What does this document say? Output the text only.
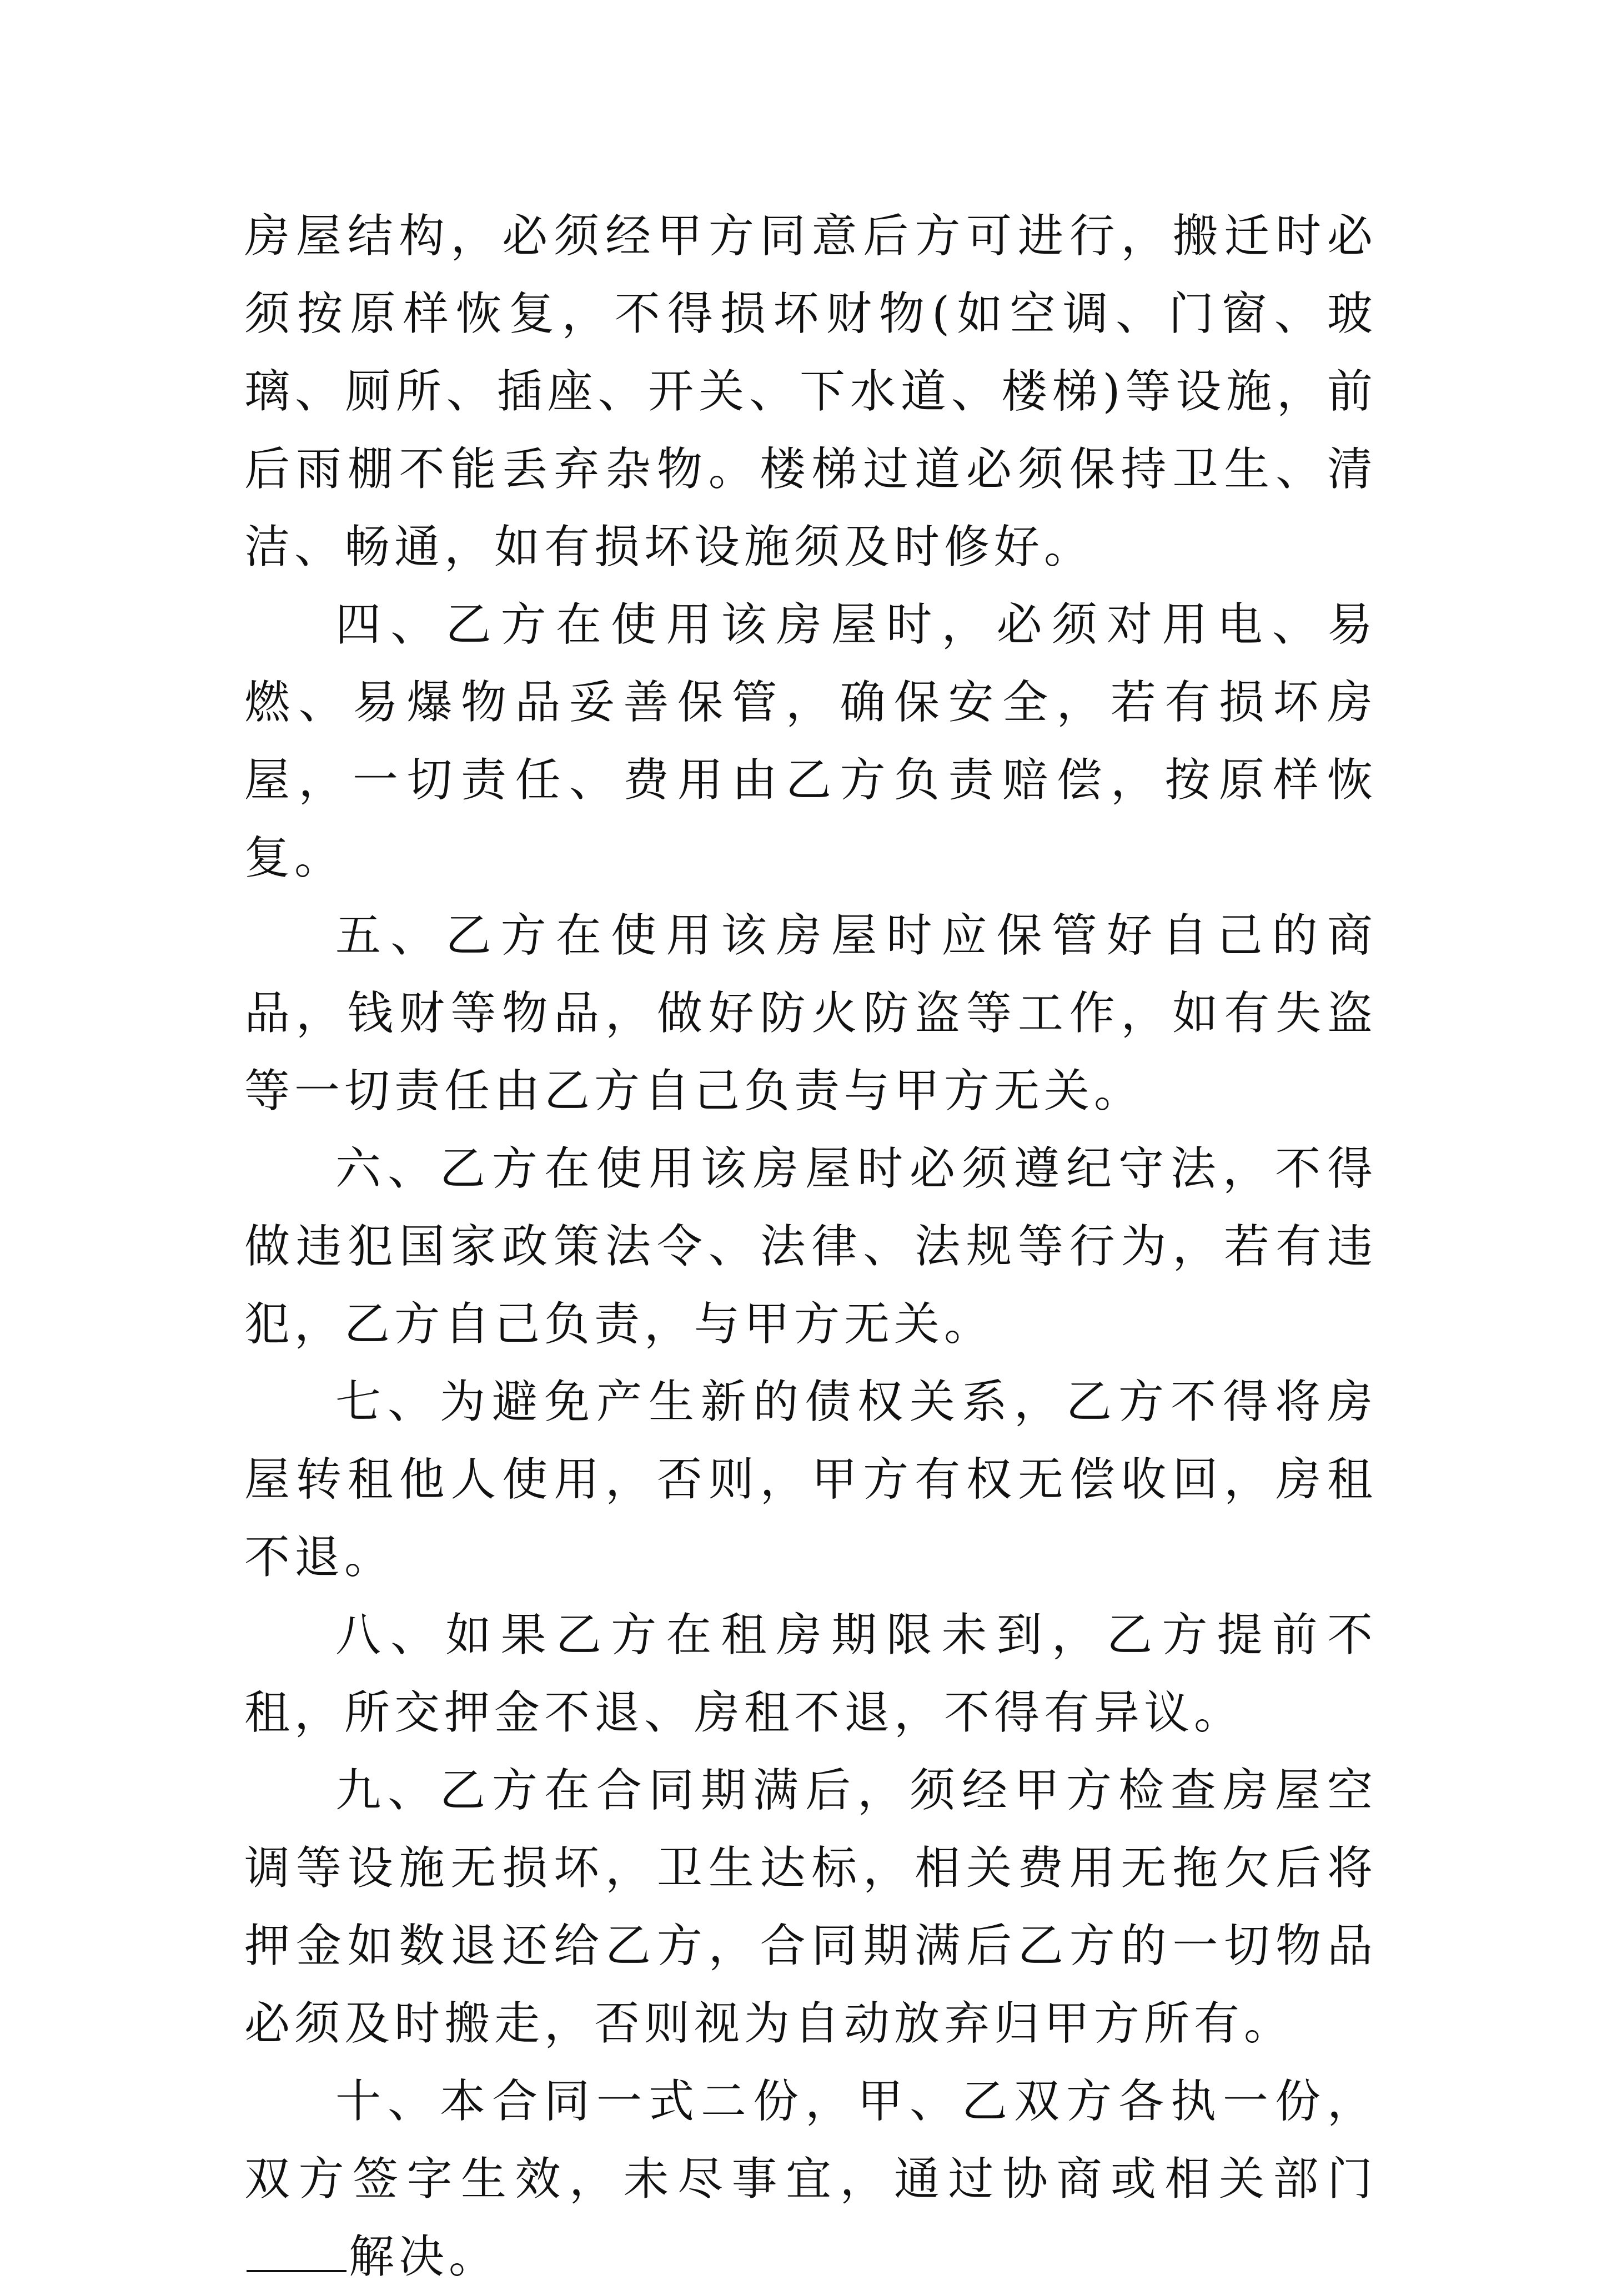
房屋结构，必须经甲方同意后方可进行，搬迁时必须按原样恢复，不得损坏财物(如空调、门窗、玻璃、厕所、插座、开关、下水道、楼梯)等设施，前后雨棚不能丢弃杂物。楼梯过道必须保持卫生、清洁、畅通，如有损坏设施须及时修好。

四、乙方在使用该房屋时，必须对用电、易燃、易爆物品妥善保管，确保安全，若有损坏房屋，一切责任、费用由乙方负责赔偿，按原样恢复。

五、乙方在使用该房屋时应保管好自己的商品，钱财等物品，做好防火防盗等工作，如有失盗等一切责任由乙方自己负责与甲方无关。

六、乙方在使用该房屋时必须遵纪守法，不得做违犯国家政策法令、法律、法规等行为，若有违犯，乙方自己负责，与甲方无关。

七、为避免产生新的债权关系，乙方不得将房屋转租他人使用，否则，甲方有权无偿收回，房租不退。

八、如果乙方在租房期限未到，乙方提前不租，所交押金不退、房租不退，不得有异议。

九、乙方在合同期满后，须经甲方检查房屋空调等设施无损坏，卫生达标，相关费用无拖欠后将押金如数退还给乙方，合同期满后乙方的一切物品必须及时搬走，否则视为自动放弃归甲方所有。

十、本合同一式二份，甲、乙双方各执一份，双方签字生效，未尽事宜，通过协商或相关部门解决。
